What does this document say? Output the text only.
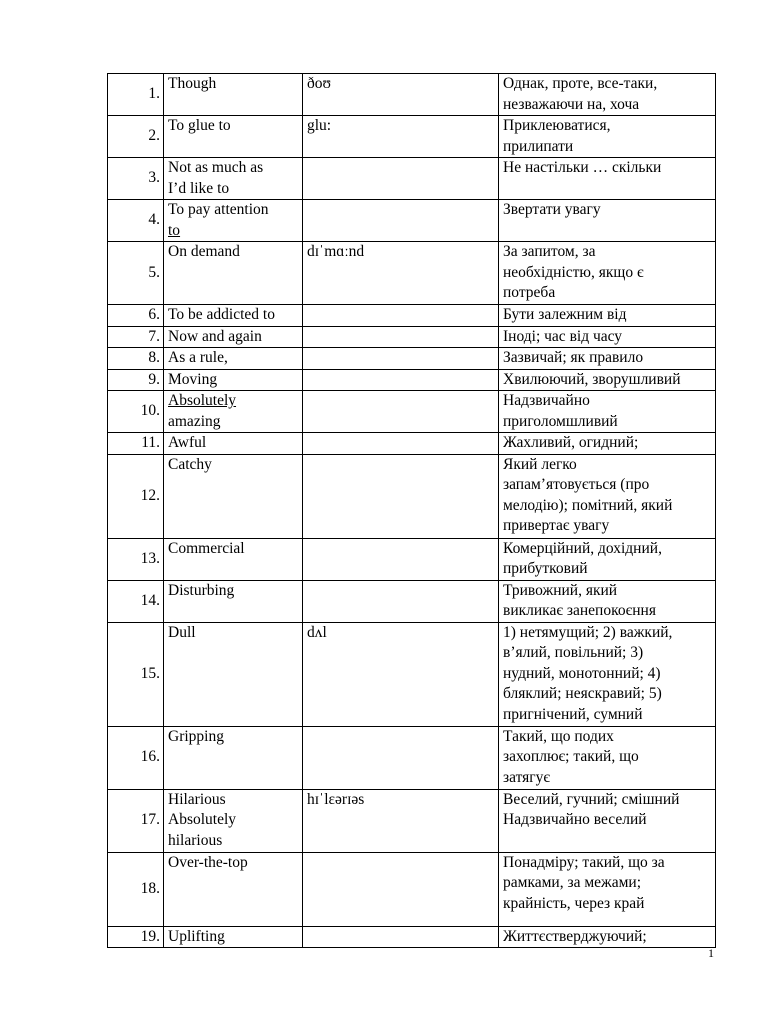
1.	Though	ðoʊ	Однак, проте, все-таки,
незважаючи на, хоча

2.	To glue to	glu:	Приклеюватися,
прилипати

3.	Not as much as
I’d like to		Не настільки … скільки

4.	To pay attention
to		Звертати увагу

5.	On demand	dɪˈmɑːnd	За запитом, за
необхідністю, якщо є
потреба

6.	To be addicted to		Бути залежним від

7.	Now and again		Іноді; час від часу

8.	As a rule,		Зазвичай; як правило

9.	Moving		Хвилюючий, зворушливий

10.	Absolutely
amazing		Надзвичайно
приголомшливий

11.	Awful		Жахливий, огидний;

12.	Catchy		Який легко
запам’ятовується (про
мелодію); помітний, який
привертає увагу

13.	Commercial		Комерційний, дохідний,
прибутковий

14.	Disturbing		Тривожний, який
викликає занепокоєння

15.	Dull	dʌl	1) нетямущий; 2) важкий,
в’ялий, повільний; 3)
нудний, монотонний; 4)
бляклий; неяскравий; 5)
пригнічений, сумний

16.	Gripping		Такий, що подих
захоплює; такий, що
затягує

17.	Hilarious
Absolutely
hilarious	hɪˈlɛərɪəs	Веселий, гучний; смішний
Надзвичайно веселий

18.	Over-the-top		Понадміру; такий, що за
рамками, за межами;
крайність, через край

19.	Uplifting		Життєстверджуючий;
1
